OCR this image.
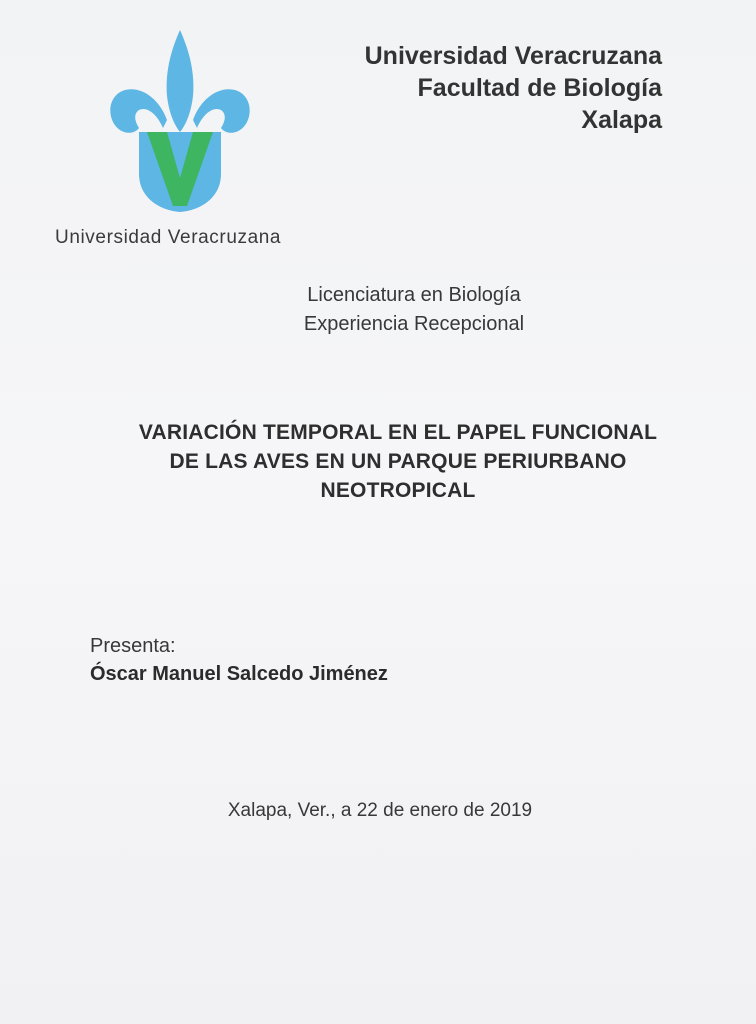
Universidad Veracruzana
Universidad Veracruzana
Facultad de Biología
Xalapa
Licenciatura en Biología
Experiencia Recepcional
VARIACIÓN TEMPORAL EN EL PAPEL FUNCIONAL
DE LAS AVES EN UN PARQUE PERIURBANO
NEOTROPICAL
Presenta:
Óscar Manuel Salcedo Jiménez
Xalapa, Ver., a 22 de enero de 2019
